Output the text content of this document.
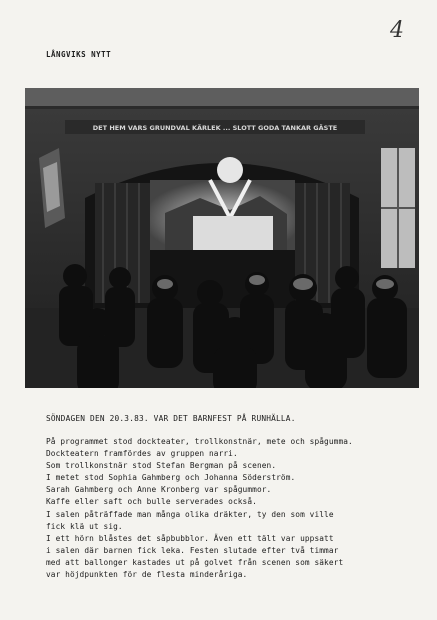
4
LÅNGVIKS NYTT
DET HEM VARS GRUNDVAL KÄRLEK ... SLOTT GODA TANKAR GÄSTE
SÖNDAGEN DEN 20.3.83. VAR DET BARNFEST PÅ RUNHÄLLA.
På programmet stod dockteater, trollkonstnär, mete och spågumma.
Dockteatern framfördes av gruppen narri.
Som trollkonstnär stod Stefan Bergman på scenen.
I metet stod Sophia Gahmberg och Johanna Söderström.
Sarah Gahmberg och Anne Kronberg var spågummor.
Kaffe eller saft och bulle serverades också.
I salen påträffade man många olika dräkter, ty den som ville
fick klä ut sig.
I ett hörn blåstes det såpbubblor. Även ett tält var uppsatt
i salen där barnen fick leka. Festen slutade efter två timmar
med att ballonger kastades ut på golvet från scenen som säkert
var höjdpunkten för de flesta minderåriga.
